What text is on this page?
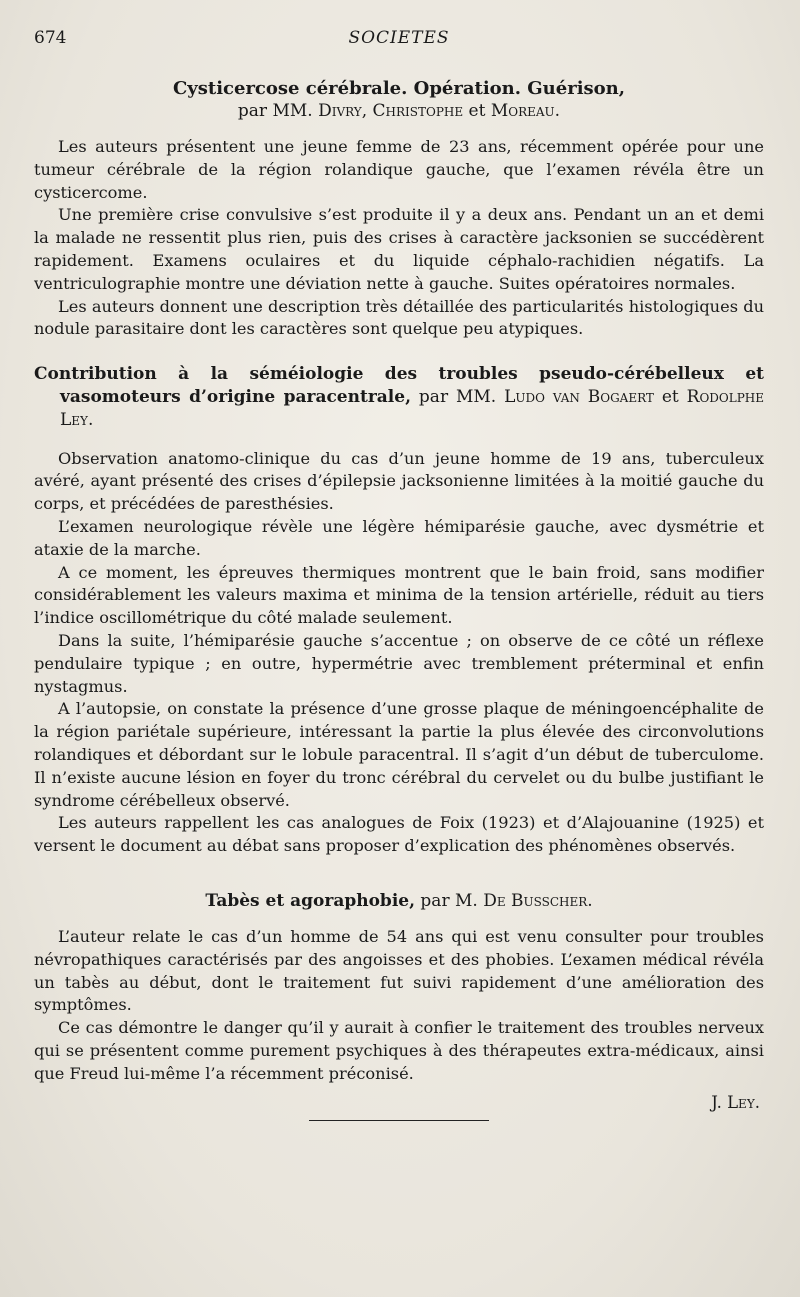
674	SOCIETES
Cysticercose cérébrale. Opération. Guérison,
par MM. Divry, Christophe et Moreau.

Les auteurs présentent une jeune femme de 23 ans, récemment opérée pour une tumeur cérébrale de la région rolandique gauche, que l’examen révéla être un cysticercome.

Une première crise convulsive s’est produite il y a deux ans. Pendant un an et demi la malade ne ressentit plus rien, puis des crises à caractère jacksonien se succédèrent rapidement. Examens oculaires et du liquide céphalo-rachidien négatifs. La ventriculographie montre une déviation nette à gauche. Suites opératoires normales.

Les auteurs donnent une description très détaillée des particularités histologiques du nodule parasitaire dont les caractères sont quelque peu atypiques.

Contribution à la séméiologie des troubles pseudo-cérébelleux et vasomoteurs d’origine paracentrale, par MM. Ludo van Bogaert et Rodolphe Ley.

Observation anatomo-clinique du cas d’un jeune homme de 19 ans, tuberculeux avéré, ayant présenté des crises d’épilepsie jacksonienne limitées à la moitié gauche du corps, et précédées de paresthésies.

L’examen neurologique révèle une légère hémiparésie gauche, avec dysmétrie et ataxie de la marche.

A ce moment, les épreuves thermiques montrent que le bain froid, sans modifier considérablement les valeurs maxima et minima de la tension artérielle, réduit au tiers l’indice oscillométrique du côté malade seulement.

Dans la suite, l’hémiparésie gauche s’accentue ; on observe de ce côté un réflexe pendulaire typique ; en outre, hypermétrie avec tremblement préterminal et enfin nystagmus.

A l’autopsie, on constate la présence d’une grosse plaque de méningoencéphalite de la région pariétale supérieure, intéressant la partie la plus élevée des circonvolutions rolandiques et débordant sur le lobule paracentral. Il s’agit d’un début de tuberculome. Il n’existe aucune lésion en foyer du tronc cérébral du cervelet ou du bulbe justifiant le syndrome cérébelleux observé.

Les auteurs rappellent les cas analogues de Foix (1923) et d’Alajouanine (1925) et versent le document au débat sans proposer d’explication des phénomènes observés.

Tabès et agoraphobie, par M. De Busscher.

L’auteur relate le cas d’un homme de 54 ans qui est venu consulter pour troubles névropathiques caractérisés par des angoisses et des phobies. L’examen médical révéla un tabès au début, dont le traitement fut suivi rapidement d’une amélioration des symptômes.

Ce cas démontre le danger qu’il y aurait à confier le traitement des troubles nerveux qui se présentent comme purement psychiques à des thérapeutes extra-médicaux, ainsi que Freud lui-même l’a récemment préconisé.

J. Ley.
